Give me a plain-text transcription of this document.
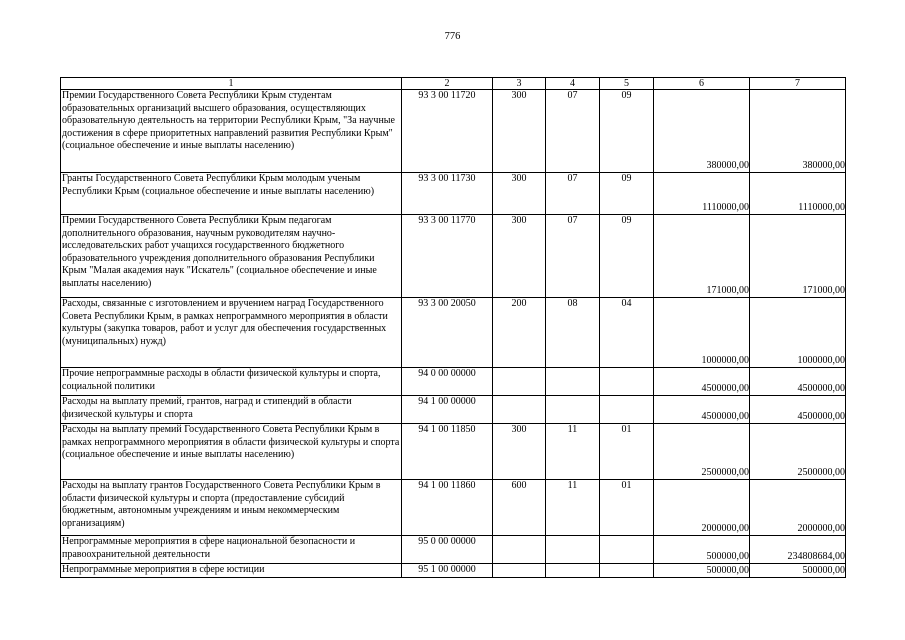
776
1	2	3	4	5	6	7
Премии Государственного Совета Республики Крым студентам образовательных организаций высшего образования, осуществляющих образовательную деятельность на территории Республики Крым, "За научные достижения в сфере приоритетных направлений развития Республики Крым" (социальное обеспечение и иные выплаты населению)	93 3 00 11720	300	07	09	380000,00	380000,00
Гранты Государственного Совета Республики Крым молодым ученым Республики Крым (социальное обеспечение и иные выплаты населению)	93 3 00 11730	300	07	09	1110000,00	1110000,00
Премии Государственного Совета Республики Крым педагогам дополнительного образования, научным руководителям научно-исследовательских работ учащихся государственного бюджетного образовательного учреждения дополнительного образования Республики Крым "Малая академия наук "Искатель" (социальное обеспечение и иные выплаты населению)	93 3 00 11770	300	07	09	171000,00	171000,00
Расходы, связанные с изготовлением и вручением наград Государственного Совета Республики Крым, в рамках непрограммного мероприятия в области культуры (закупка товаров, работ и услуг для обеспечения государственных (муниципальных) нужд)	93 3 00 20050	200	08	04	1000000,00	1000000,00
Прочие непрограммные расходы в области физической культуры и спорта, социальной политики	94 0 00 00000				4500000,00	4500000,00
Расходы на выплату премий, грантов, наград и стипендий в области физической культуры и спорта	94 1 00 00000				4500000,00	4500000,00
Расходы на выплату премий Государственного Совета Республики Крым в рамках непрограммного мероприятия в области физической культуры и спорта (социальное обеспечение и иные выплаты населению)	94 1 00 11850	300	11	01	2500000,00	2500000,00
Расходы на выплату грантов Государственного Совета Республики Крым в области физической культуры и спорта (предоставление субсидий бюджетным, автономным учреждениям и иным некоммерческим организациям)	94 1 00 11860	600	11	01	2000000,00	2000000,00
Непрограммные мероприятия в сфере национальной безопасности и правоохранительной деятельности	95 0 00 00000				500000,00	234808684,00
Непрограммные мероприятия в сфере юстиции	95 1 00 00000				500000,00	500000,00
